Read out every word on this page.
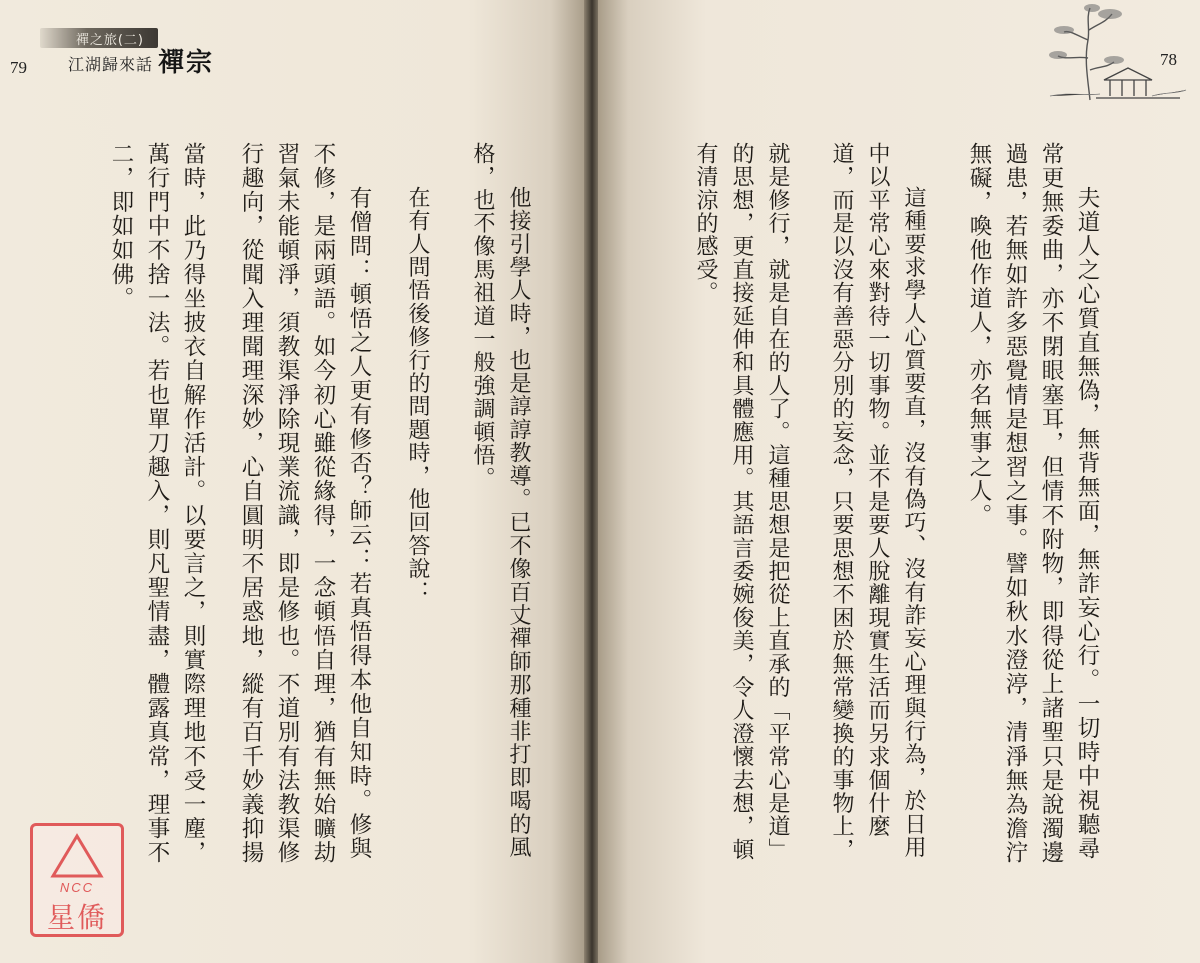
79
禪之旅(二)
江湖歸來話 禪宗
他接引學人時，也是諄諄教導。已不像百丈禪師那種非打即喝的風
格，也不像馬祖道一般強調頓悟。
在有人問悟後修行的問題時，他回答說：
有僧問：頓悟之人更有修否？師云：若真悟得本他自知時。修與
不修，是兩頭語。如今初心雖從緣得，一念頓悟自理，猶有無始曠劫
習氣未能頓淨，須教渠淨除現業流識，即是修也。不道別有法教渠修
行趣向，從聞入理聞理深妙，心自圓明不居惑地，縱有百千妙義抑揚
當時，此乃得坐披衣自解作活計。以要言之，則實際理地不受一塵，
萬行門中不捨一法。若也單刀趣入，則凡聖情盡，體露真常，理事不
二，即如如佛。
NCC
星僑
78
夫道人之心質直無偽，無背無面，無詐妄心行。一切時中視聽尋
常更無委曲，亦不閉眼塞耳，但情不附物，即得從上諸聖只是說濁邊
過患，若無如許多惡覺情是想習之事。譬如秋水澄渟，清淨無為澹泞
無礙，喚他作道人，亦名無事之人。
這種要求學人心質要直，沒有偽巧、沒有詐妄心理與行為，於日用
中以平常心來對待一切事物。並不是要人脫離現實生活而另求個什麼
道，而是以沒有善惡分別的妄念，只要思想不困於無常變換的事物上，
就是修行，就是自在的人了。這種思想是把從上直承的「平常心是道」
的思想，更直接延伸和具體應用。其語言委婉俊美，令人澄懷去想，頓
有清涼的感受。
